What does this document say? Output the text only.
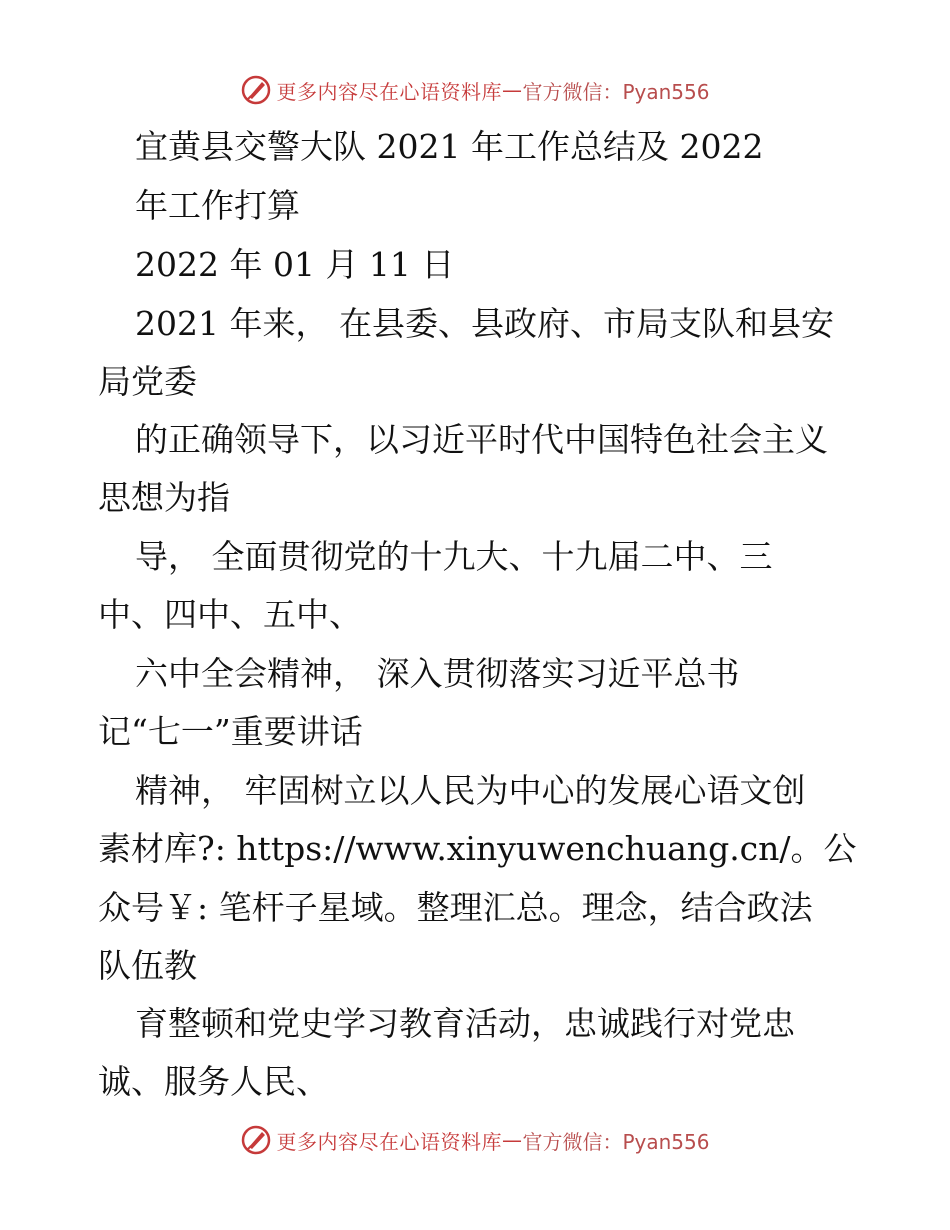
更多内容尽在心语资料库 — 官方微信：Pyan556
宜黄县交警大队 2021 年工作总结及 2022
年工作打算
2022 年 01 月 11 日
2021 年来， 在县委、县政府、市局支队和县安
局党委
的正确领导下，以习近平时代中国特色社会主义
思想为指
导， 全面贯彻党的十九大、十九届二中、三
中、四中、五中、
六中全会精神， 深入贯彻落实习近平总书
记“七一”重要讲话
精神， 牢固树立以人民为中心的发展心语文创
素材库?: https://www.xinyuwenchuang.cn/。公
众号￥: 笔杆子星域。整理汇总。理念，结合政法
队伍教
育整顿和党史学习教育活动，忠诚践行对党忠
诚、服务人民、
更多内容尽在心语资料库 — 官方微信：Pyan556
